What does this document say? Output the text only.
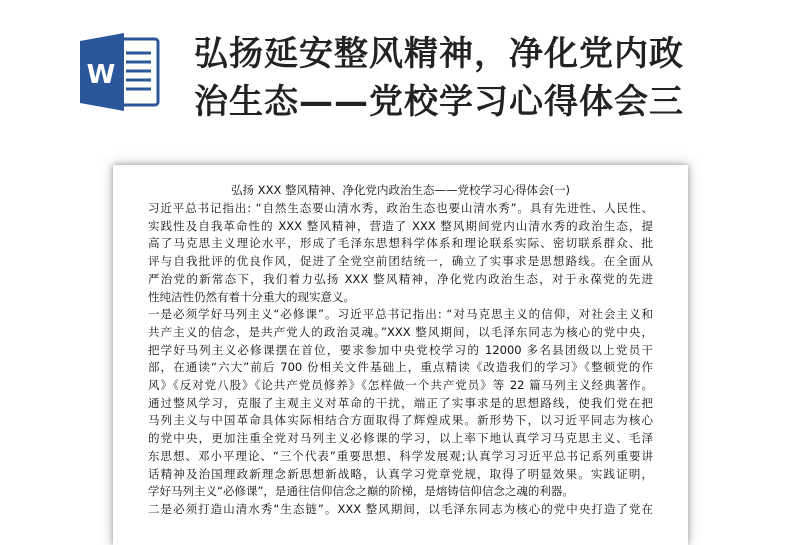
W
弘扬延安整风精神，净化党内政
治生态——党校学习心得体会三
弘扬 XXX 整风精神、净化党内政治生态——党校学习心得体会(一)
习近平总书记指出: “自然生态要山清水秀，政治生态也要山清水秀”。具有先进性、人民性、
实践性及自我革命性的 XXX 整风精神，营造了 XXX 整风期间党内山清水秀的政治生态，提
高了马克思主义理论水平，形成了毛泽东思想科学体系和理论联系实际、密切联系群众、批
评与自我批评的优良作风，促进了全党空前团结统一，确立了实事求是思想路线。在全面从
严治党的新常态下，我们着力弘扬 XXX 整风精神，净化党内政治生态，对于永葆党的先进
性纯洁性仍然有着十分重大的现实意义。
一是必须学好马列主义“必修课”。习近平总书记指出: “对马克思主义的信仰，对社会主义和
共产主义的信念，是共产党人的政治灵魂。”XXX 整风期间，以毛泽东同志为核心的党中央，
把学好马列主义必修课摆在首位，要求参加中央党校学习的 12000 多名县团级以上党员干
部，在通读“六大”前后 700 份相关文件基础上，重点精读《改造我们的学习》《整顿党的作
风》《反对党八股》《论共产党员修养》《怎样做一个共产党员》等 22 篇马列主义经典著作。
通过整风学习，克服了主观主义对革命的干扰，端正了实事求是的思想路线，使我们党在把
马列主义与中国革命具体实际相结合方面取得了辉煌成果。新形势下，以习近平同志为核心
的党中央，更加注重全党对马列主义必修课的学习，以上率下地认真学习马克思主义、毛泽
东思想、邓小平理论、“三个代表”重要思想、科学发展观;认真学习习近平总书记系列重要讲
话精神及治国理政新理念新思想新战略，认真学习党章党规，取得了明显效果。实践证明，
学好马列主义“必修课”，是通往信仰信念之巅的阶梯，是熔铸信仰信念之魂的利器。
二是必须打造山清水秀“生态链”。XXX 整风期间，以毛泽东同志为核心的党中央打造了党在
